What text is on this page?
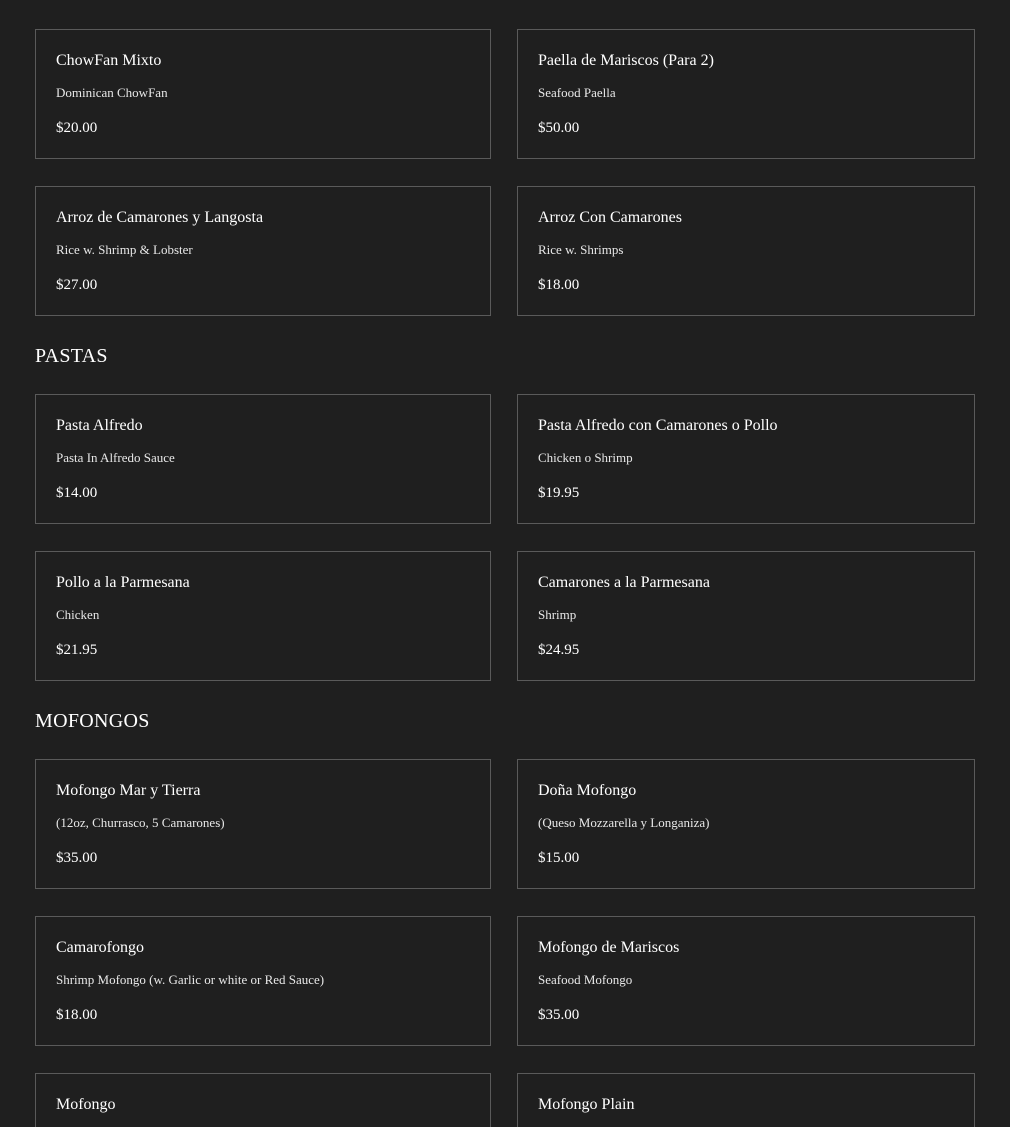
ChowFan Mixto
Dominican ChowFan
$20.00
Paella de Mariscos (Para 2)
Seafood Paella
$50.00
Arroz de Camarones y Langosta
Rice w. Shrimp & Lobster
$27.00
Arroz Con Camarones
Rice w. Shrimps
$18.00
PASTAS
Pasta Alfredo
Pasta In Alfredo Sauce
$14.00
Pasta Alfredo con Camarones o Pollo
Chicken o Shrimp
$19.95
Pollo a la Parmesana
Chicken
$21.95
Camarones a la Parmesana
Shrimp
$24.95
MOFONGOS
Mofongo Mar y Tierra
(12oz, Churrasco, 5 Camarones)
$35.00
Doña Mofongo
(Queso Mozzarella y Longaniza)
$15.00
Camarofongo
Shrimp Mofongo (w. Garlic or white or Red Sauce)
$18.00
Mofongo de Mariscos
Seafood Mofongo
$35.00
Mofongo	Mofongo Plain
